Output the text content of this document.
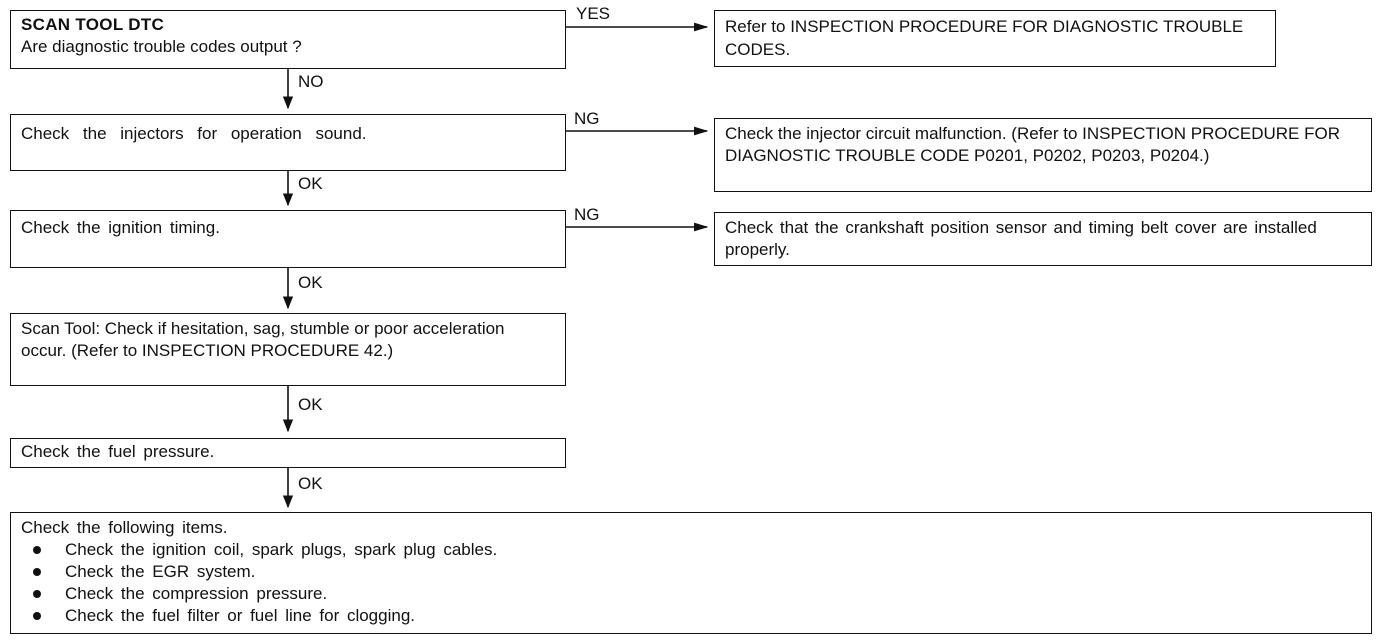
SCAN TOOL DTC
Are diagnostic trouble codes output ?
YES
Refer to INSPECTION PROCEDURE FOR DIAGNOSTIC TROUBLE CODES.
NO
Check the injectors for operation sound.
NG
Check the injector circuit malfunction. (Refer to INSPECTION PROCEDURE FOR DIAGNOSTIC TROUBLE CODE P0201, P0202, P0203, P0204.)
OK
Check the ignition timing.
NG
Check that the crankshaft position sensor and timing belt cover are installed properly.
OK
Scan Tool: Check if hesitation, sag, stumble or poor acceleration occur. (Refer to INSPECTION PROCEDURE 42.)
OK
Check the fuel pressure.
OK
Check the following items.
Check the ignition coil, spark plugs, spark plug cables.
Check the EGR system.
Check the compression pressure.
Check the fuel filter or fuel line for clogging.
